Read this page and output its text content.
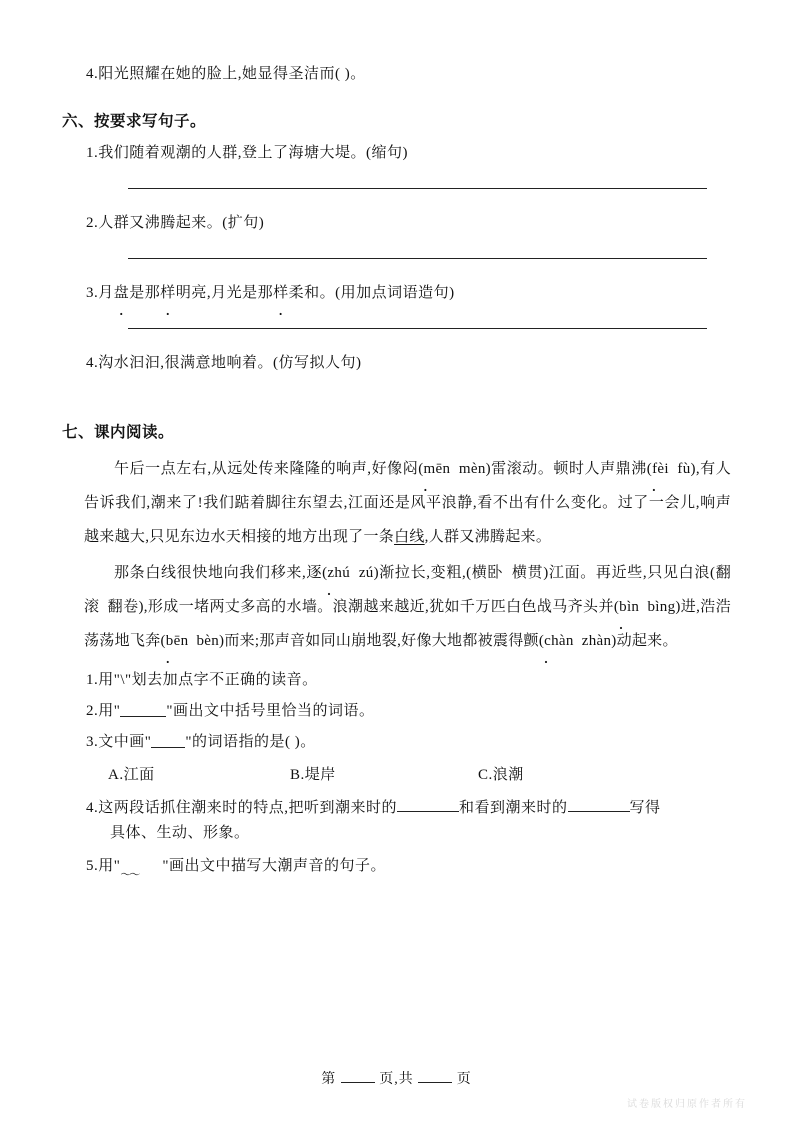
4.阳光照耀在她的脸上,她显得圣洁而( )。
六、按要求写句子。
1.我们随着观潮的人群,登上了海塘大堤。(缩句)
2.人群又沸腾起来。(扩句)
3.月盘是那样明亮,月光是那样柔和。(用加点词语造句)
4.沟水汩汩,很满意地响着。(仿写拟人句)
七、课内阅读。
午后一点左右,从远处传来隆隆的响声,好像闷(mēn  mèn)雷滚动。顿时人声鼎沸(fèi  fù),有人告诉我们,潮来了!我们踮着脚往东望去,江面还是风平浪静,看不出有什么变化。过了一会儿,响声越来越大,只见东边水天相接的地方出现了一条白线,人群又沸腾起来。
那条白线很快地向我们移来,逐(zhú  zú)渐拉长,变粗,(横卧  横贯)江面。再近些,只见白浪(翻滚  翻卷),形成一堵两丈多高的水墙。浪潮越来越近,犹如千万匹白色战马齐头并(bìn  bìng)进,浩浩荡荡地飞奔(bēn  bèn)而来;那声音如同山崩地裂,好像大地都被震得颤(chàn  zhàn)动起来。
1.用"\"划去加点字不正确的读音。
2.用"	"画出文中括号里恰当的词语。
3.文中画" "的词语指的是( )。
A.江面	B.堤岸	C.浪潮
4.这两段话抓住潮来时的特点,把听到潮来时的	和看到潮来时的	写得
具体、生动、形象。
5.用"	"画出文中描写大潮声音的句子。
第	页,共	页
试卷版权归原作者所有
